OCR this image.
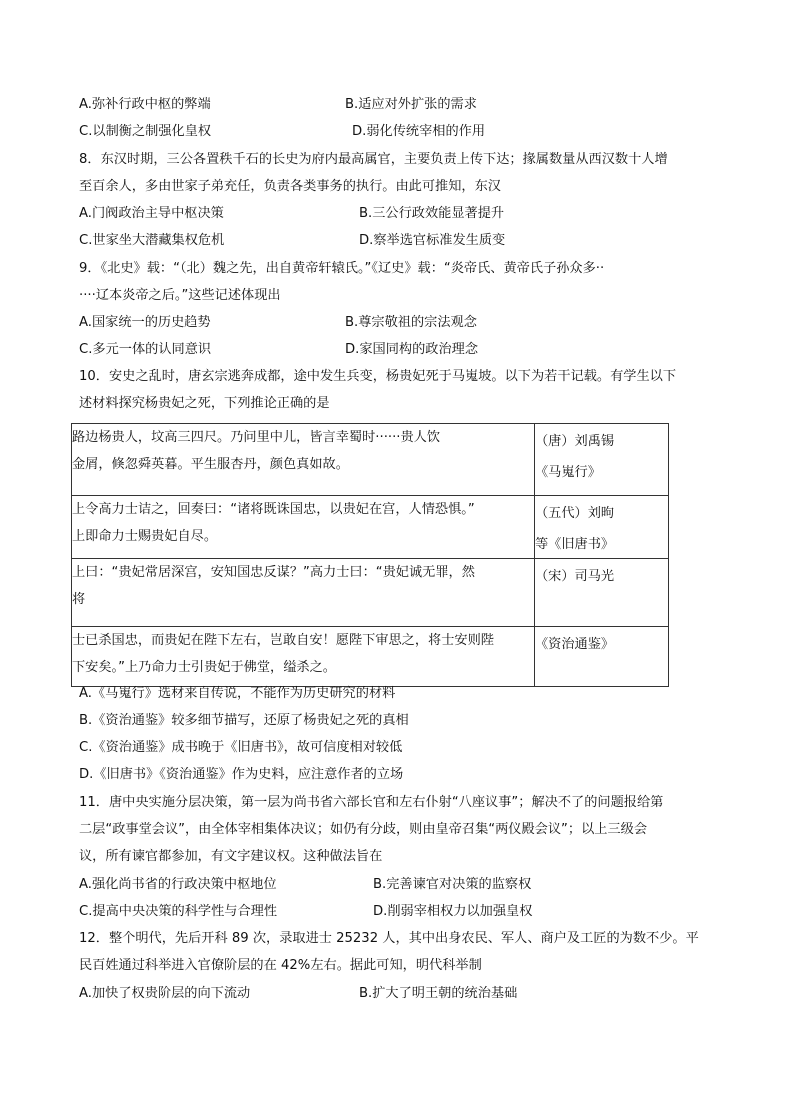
A.弥补行政中枢的弊端	B.适应对外扩张的需求
C.以制衡之制强化皇权	D.弱化传统宰相的作用
8．东汉时期，三公各置秩千石的长史为府内最高属官，主要负责上传下达；掾属数量从西汉数十人增
至百余人，多由世家子弟充任，负责各类事务的执行。由此可推知，东汉
A.门阀政治主导中枢决策	B.三公行政效能显著提升
C.世家坐大潜藏集权危机	D.察举选官标准发生质变
9．《北史》载：“（北）魏之先，出自黄帝轩辕氏。”《辽史》载：“炎帝氏、黄帝氏子孙众多··
····辽本炎帝之后。”这些记述体现出
A.国家统一的历史趋势	B.尊宗敬祖的宗法观念
C.多元一体的认同意识	D.家国同构的政治理念
10．安史之乱时，唐玄宗逃奔成都，途中发生兵变，杨贵妃死于马嵬坡。以下为若干记载。有学生以下
述材料探究杨贵妃之死，下列推论正确的是
路边杨贵人，坟高三四尺。乃问里中儿，皆言幸蜀时······贵人饮
金屑，倏忽舜英暮。平生服杏丹，颜色真如故。	（唐）刘禹锡
《马嵬行》

上令高力士诘之，回奏曰：“诸将既诛国忠，以贵妃在宫，人情恐惧。”
上即命力士赐贵妃自尽。	（五代）刘昫
等《旧唐书》

上曰：“贵妃常居深宫，安知国忠反谋？”高力士曰：“贵妃诚无罪，然
将	（宋）司马光

士已杀国忠，而贵妃在陛下左右，岂敢自安！愿陛下审思之，将士安则陛
下安矣。”上乃命力士引贵妃于佛堂，缢杀之。	《资治通鉴》
A.《马嵬行》选材来自传说，不能作为历史研究的材料
B.《资治通鉴》较多细节描写，还原了杨贵妃之死的真相
C.《资治通鉴》成书晚于《旧唐书》，故可信度相对较低
D.《旧唐书》《资治通鉴》作为史料，应注意作者的立场
11．唐中央实施分层决策，第一层为尚书省六部长官和左右仆射“八座议事”；解决不了的问题报给第
二层“政事堂会议”，由全体宰相集体决议；如仍有分歧，则由皇帝召集“两仪殿会议”；以上三级会
议，所有谏官都参加，有文字建议权。这种做法旨在
A.强化尚书省的行政决策中枢地位	B.完善谏官对决策的监察权
C.提高中央决策的科学性与合理性	D.削弱宰相权力以加强皇权
12．整个明代，先后开科 89 次，录取进士 25232 人，其中出身农民、军人、商户及工匠的为数不少。平
民百姓通过科举进入官僚阶层的在 42%左右。据此可知，明代科举制
A.加快了权贵阶层的向下流动	B.扩大了明王朝的统治基础
